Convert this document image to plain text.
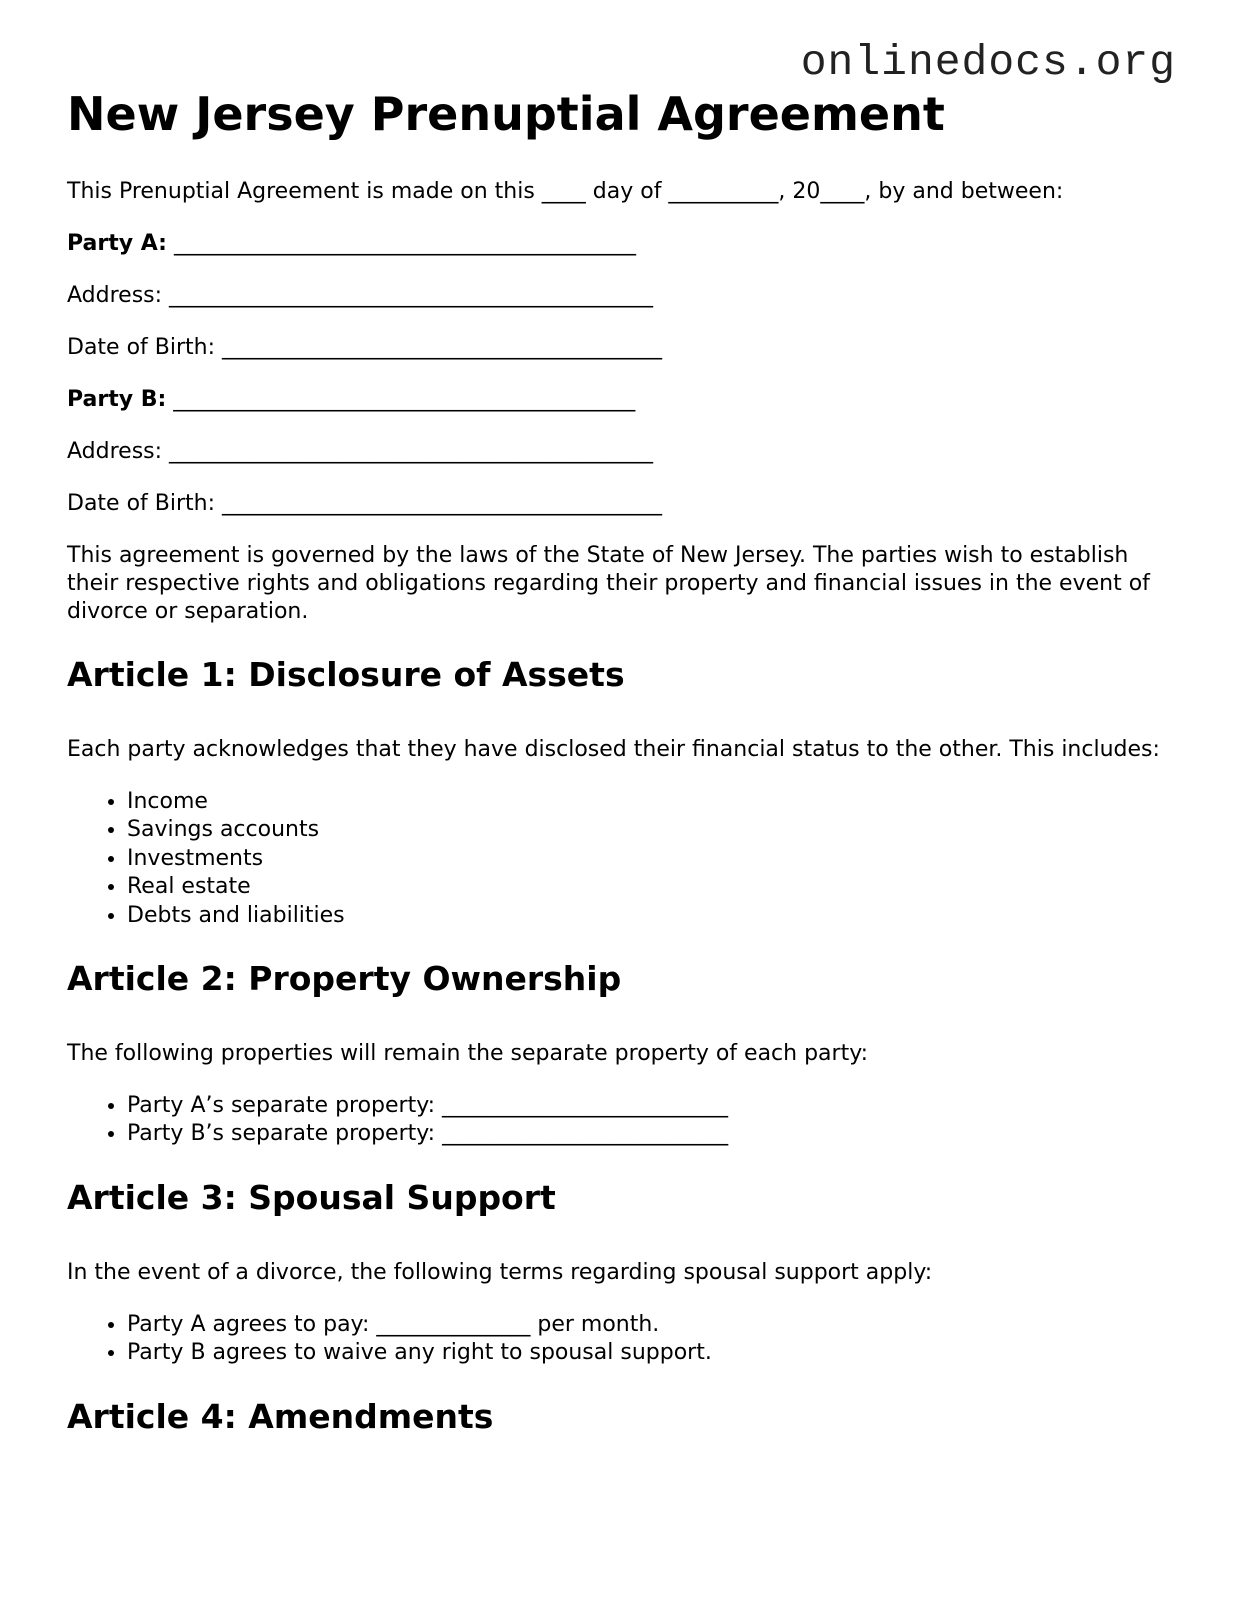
onlinedocs.org
New Jersey Prenuptial Agreement

This Prenuptial Agreement is made on this ____ day of __________, 20____, by and between:

Party A: __________________________________________
Address: ____________________________________________
Date of Birth: ________________________________________
Party B: __________________________________________
Address: ____________________________________________
Date of Birth: ________________________________________

This agreement is governed by the laws of the State of New Jersey. The parties wish to establish their respective rights and obligations regarding their property and financial issues in the event of divorce or separation.

Article 1: Disclosure of Assets

Each party acknowledges that they have disclosed their financial status to the other. This includes:

• Income
• Savings accounts
• Investments
• Real estate
• Debts and liabilities
Article 2: Property Ownership

The following properties will remain the separate property of each party:

• Party A’s separate property: __________________________
• Party B’s separate property: __________________________
Article 3: Spousal Support

In the event of a divorce, the following terms regarding spousal support apply:

• Party A agrees to pay: ______________ per month.
• Party B agrees to waive any right to spousal support.
Article 4: Amendments
